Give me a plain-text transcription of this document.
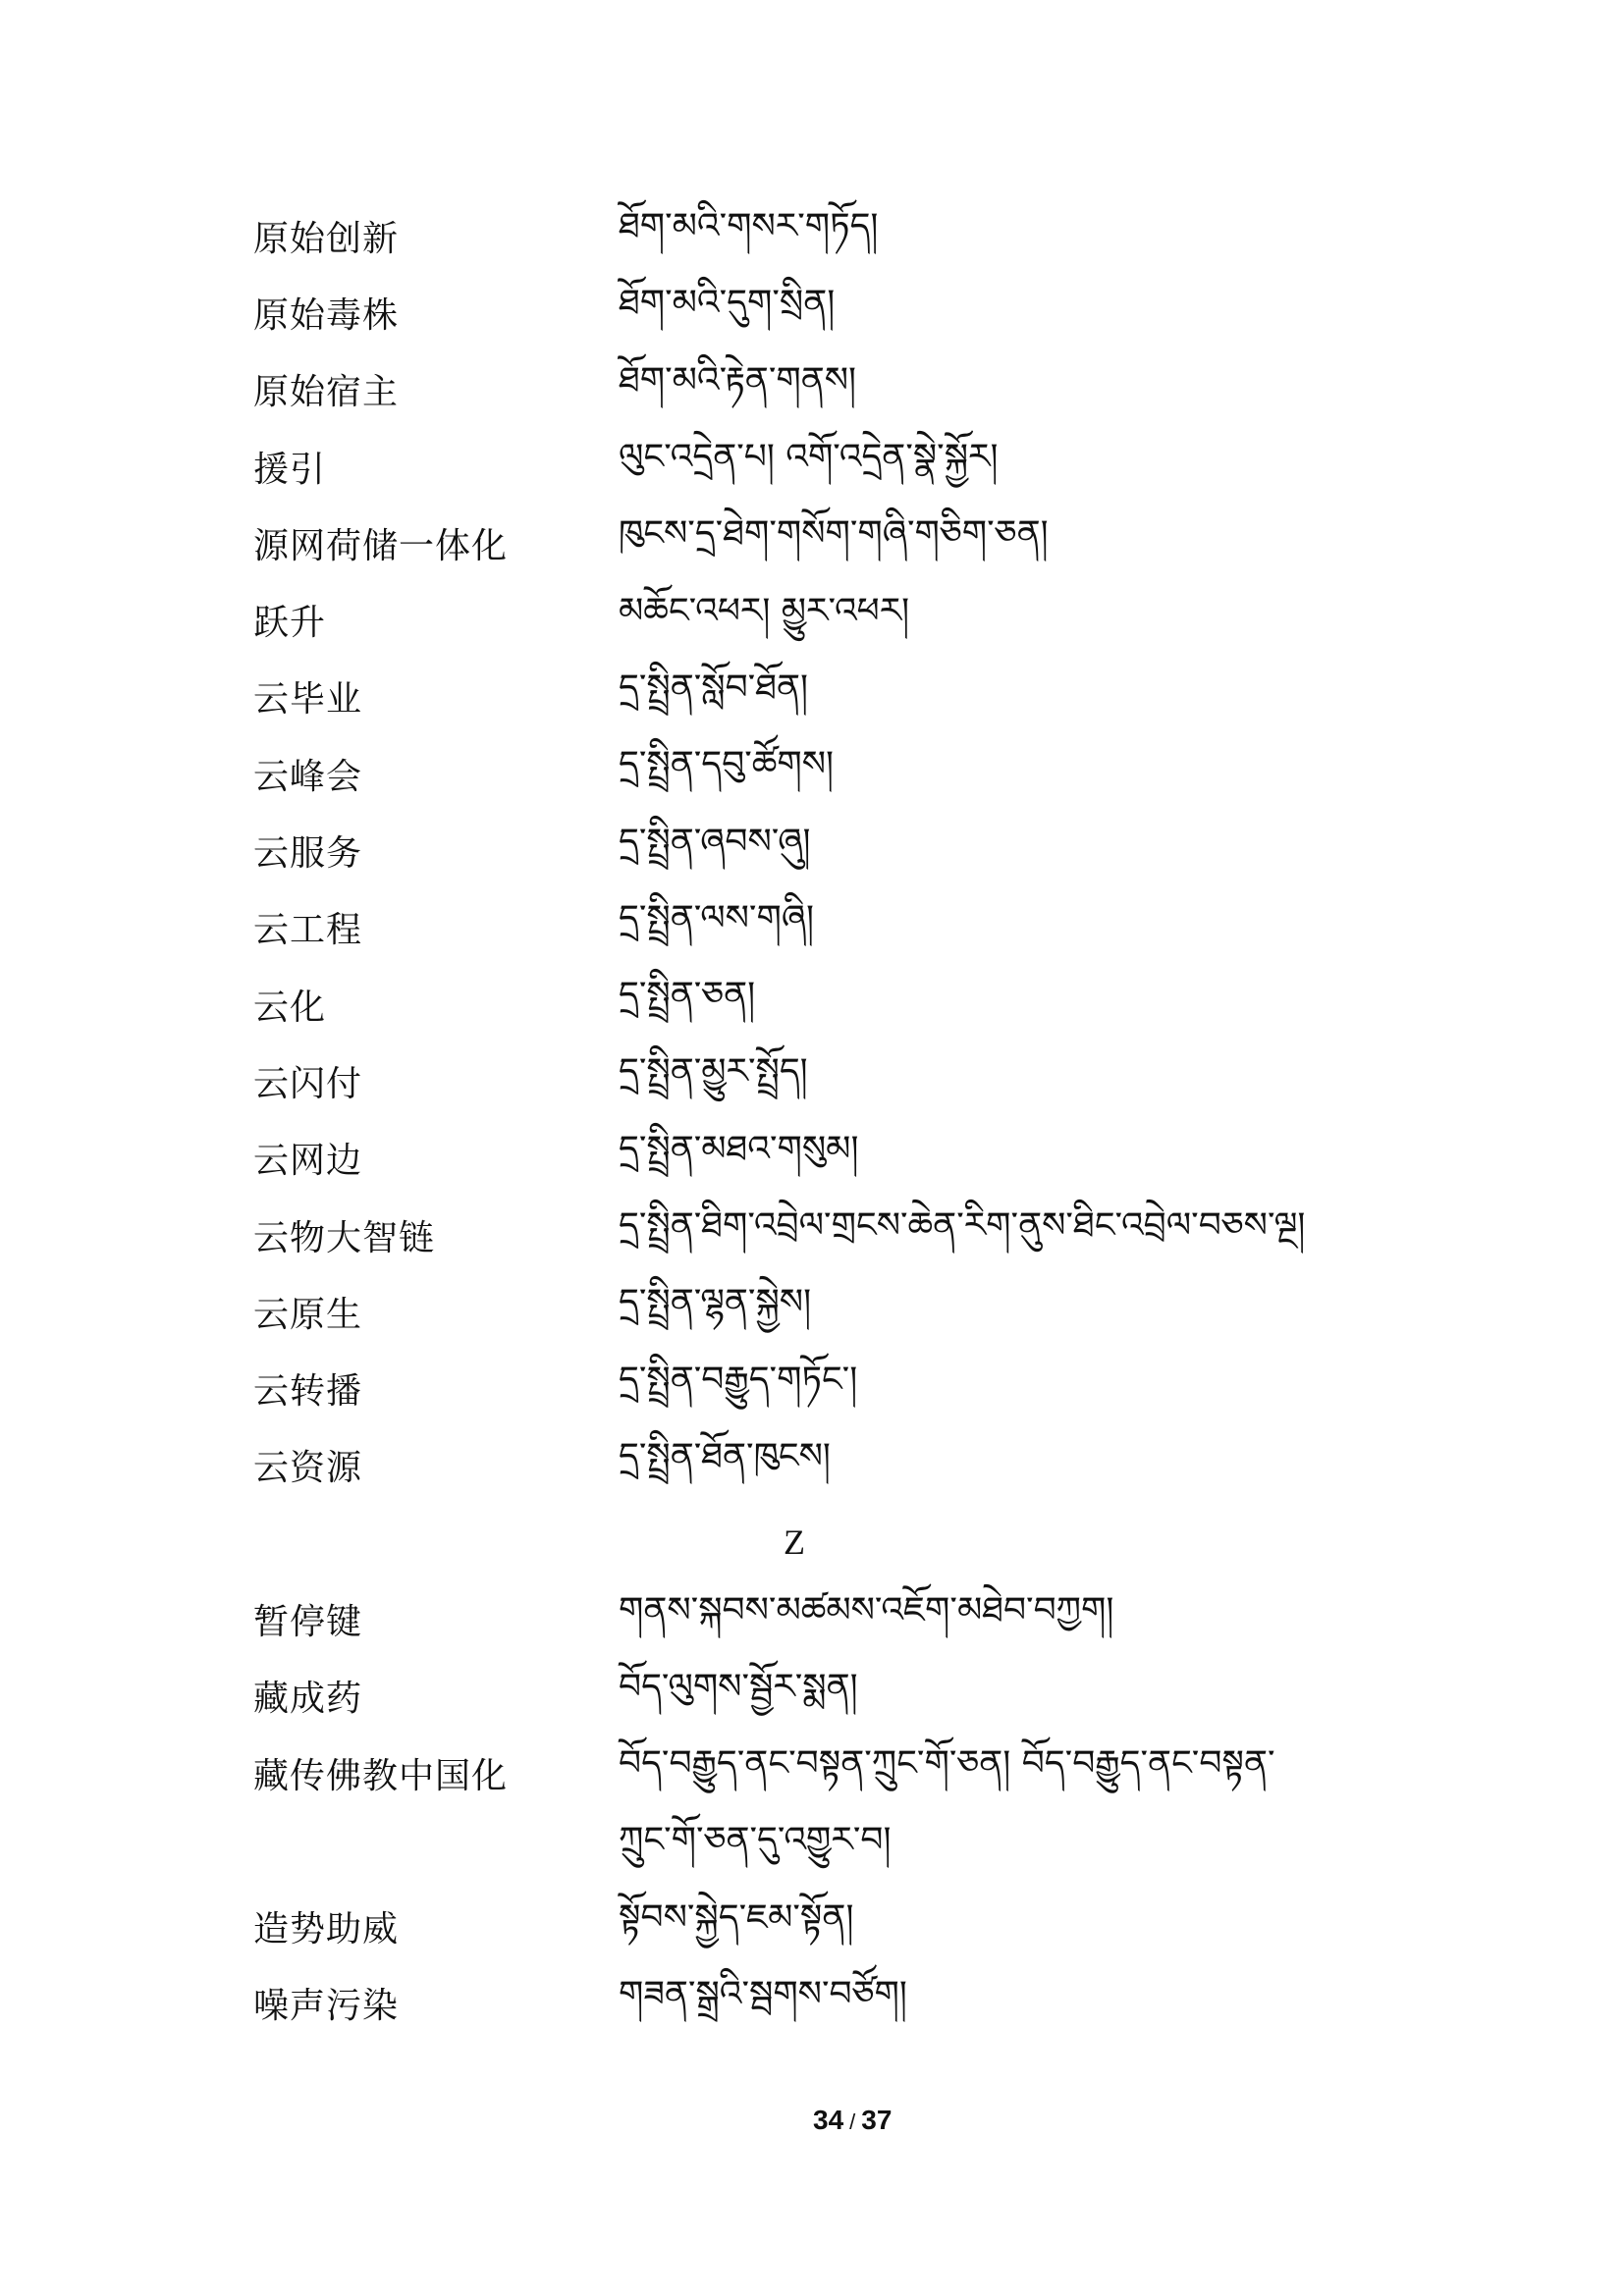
原始创新	ཐོག་མའི་གསར་གཏོད།
原始毒株	ཐོག་མའི་དུག་སྲིན།
原始宿主	ཐོག་མའི་རྟེན་གནས།
援引	ལུང་འདྲེན་པ། འགོ་འདྲེན་སྣེ་སྐྱོར།
源网荷储一体化	ཁུངས་དྲ་ཐེག་གསོག་གཞི་གཅིག་ཅན།
跃升	མཆོང་འཕར། མྱུར་འཕར།
云毕业	དྲ་སྤྲིན་སློབ་ཐོན།
云峰会	དྲ་སྤྲིན་དབུ་ཚོགས།
云服务	དྲ་སྤྲིན་ཞབས་ཞུ།
云工程	དྲ་སྤྲིན་ལས་གཞི།
云化	དྲ་སྤྲིན་ཅན།
云闪付	དྲ་སྤྲིན་མྱུར་སྤྲོད།
云网边	དྲ་སྤྲིན་མཐའ་གསུམ།
云物大智链	དྲ་སྤྲིན་ཐིག་འབྲེལ་གྲངས་ཆེན་རིག་ནུས་ཐིང་འབྲེལ་བཅས་ལྔ།
云原生	དྲ་སྤྲིན་ལྷན་སྐྱེས།
云转播	དྲ་སྤྲིན་བརྒྱུད་གཏོང་།
云资源	དྲ་སྤྲིན་ཐོན་ཁུངས།
Z
暂停键	གནས་སྐབས་མཚམས་འཇོག་མཐེབ་བཀྱག།
藏成药	བོད་ལུགས་སྦྱོར་སྨན།
藏传佛教中国化	བོད་བརྒྱུད་ནང་བསྟན་ཀྲུང་གོ་ཅན། བོད་བརྒྱུད་ནང་བསྟན་
ཀྲུང་གོ་ཅན་དུ་འགྱུར་བ།
造势助威	སྟོབས་སྐྱེད་ཇམ་སྟོན།
噪声污染	གཟན་སྒྲའི་སྦགས་བཙོག།
34 / 37
